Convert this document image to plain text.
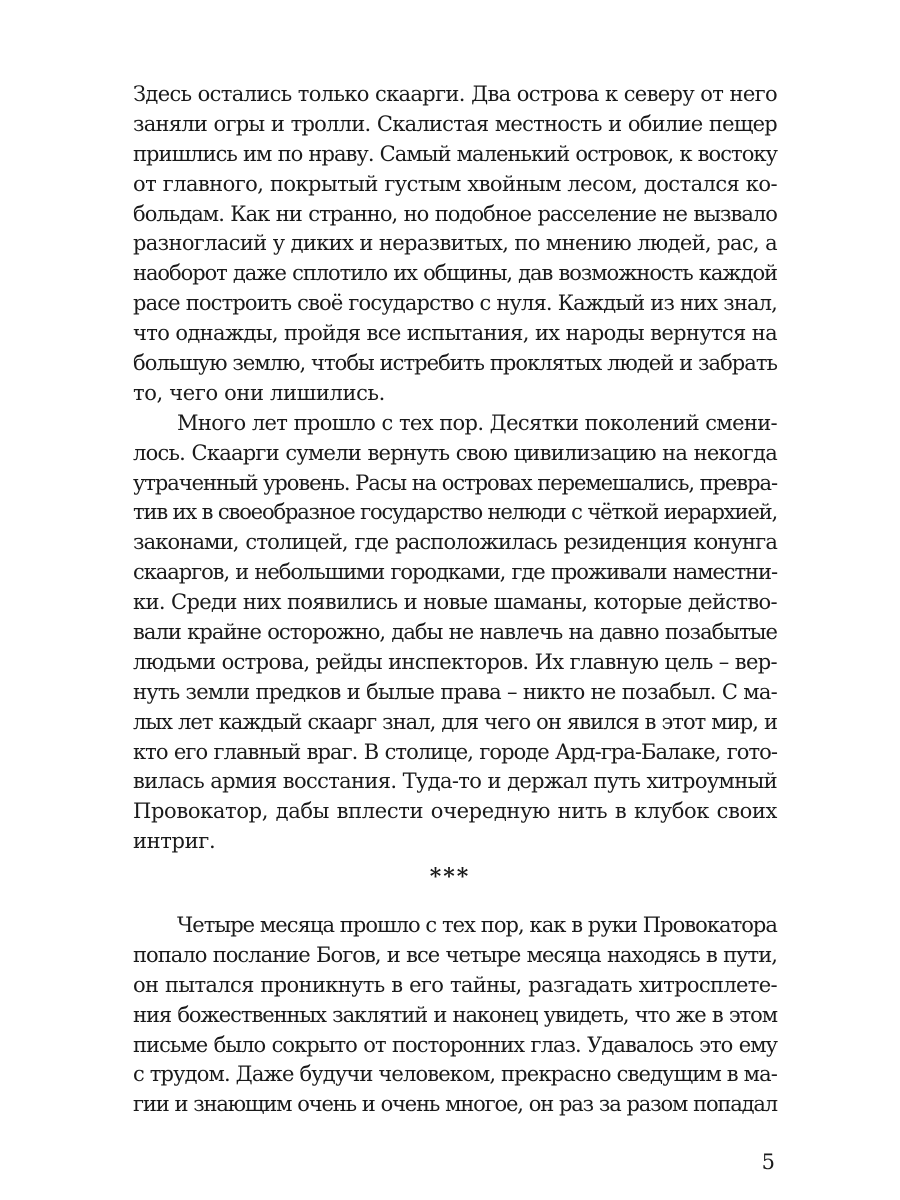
Здесь остались только скаарги. Два острова к северу от него
заняли огры и тролли. Скалистая местность и обилие пещер
пришлись им по нраву. Самый маленький островок, к востоку
от главного, покрытый густым хвойным лесом, достался ко-
больдам. Как ни странно, но подобное расселение не вызвало
разногласий у диких и неразвитых, по мнению людей, рас, а
наоборот даже сплотило их общины, дав возможность каждой
расе построить своё государство с нуля. Каждый из них знал,
что однажды, пройдя все испытания, их народы вернутся на
большую землю, чтобы истребить проклятых людей и забрать
то, чего они лишились.
Много лет прошло с тех пор. Десятки поколений смени-
лось. Скаарги сумели вернуть свою цивилизацию на некогда
утраченный уровень. Расы на островах перемешались, превра-
тив их в своеобразное государство нелюди с чёткой иерархией,
законами, столицей, где расположилась резиденция конунга
скааргов, и небольшими городками, где проживали наместни-
ки. Среди них появились и новые шаманы, которые действо-
вали крайне осторожно, дабы не навлечь на давно позабытые
людьми острова, рейды инспекторов. Их главную цель – вер-
нуть земли предков и былые права – никто не позабыл. С ма-
лых лет каждый скаарг знал, для чего он явился в этот мир, и
кто его главный враг. В столице, городе Ард-гра-Балаке, гото-
вилась армия восстания. Туда-то и держал путь хитроумный
Провокатор, дабы вплести очередную нить в клубок своих
интриг.
***
Четыре месяца прошло с тех пор, как в руки Провокатора
попало послание Богов, и все четыре месяца находясь в пути,
он пытался проникнуть в его тайны, разгадать хитросплете-
ния божественных заклятий и наконец увидеть, что же в этом
письме было сокрыто от посторонних глаз. Удавалось это ему
с трудом. Даже будучи человеком, прекрасно сведущим в ма-
гии и знающим очень и очень многое, он раз за разом попадал
5
